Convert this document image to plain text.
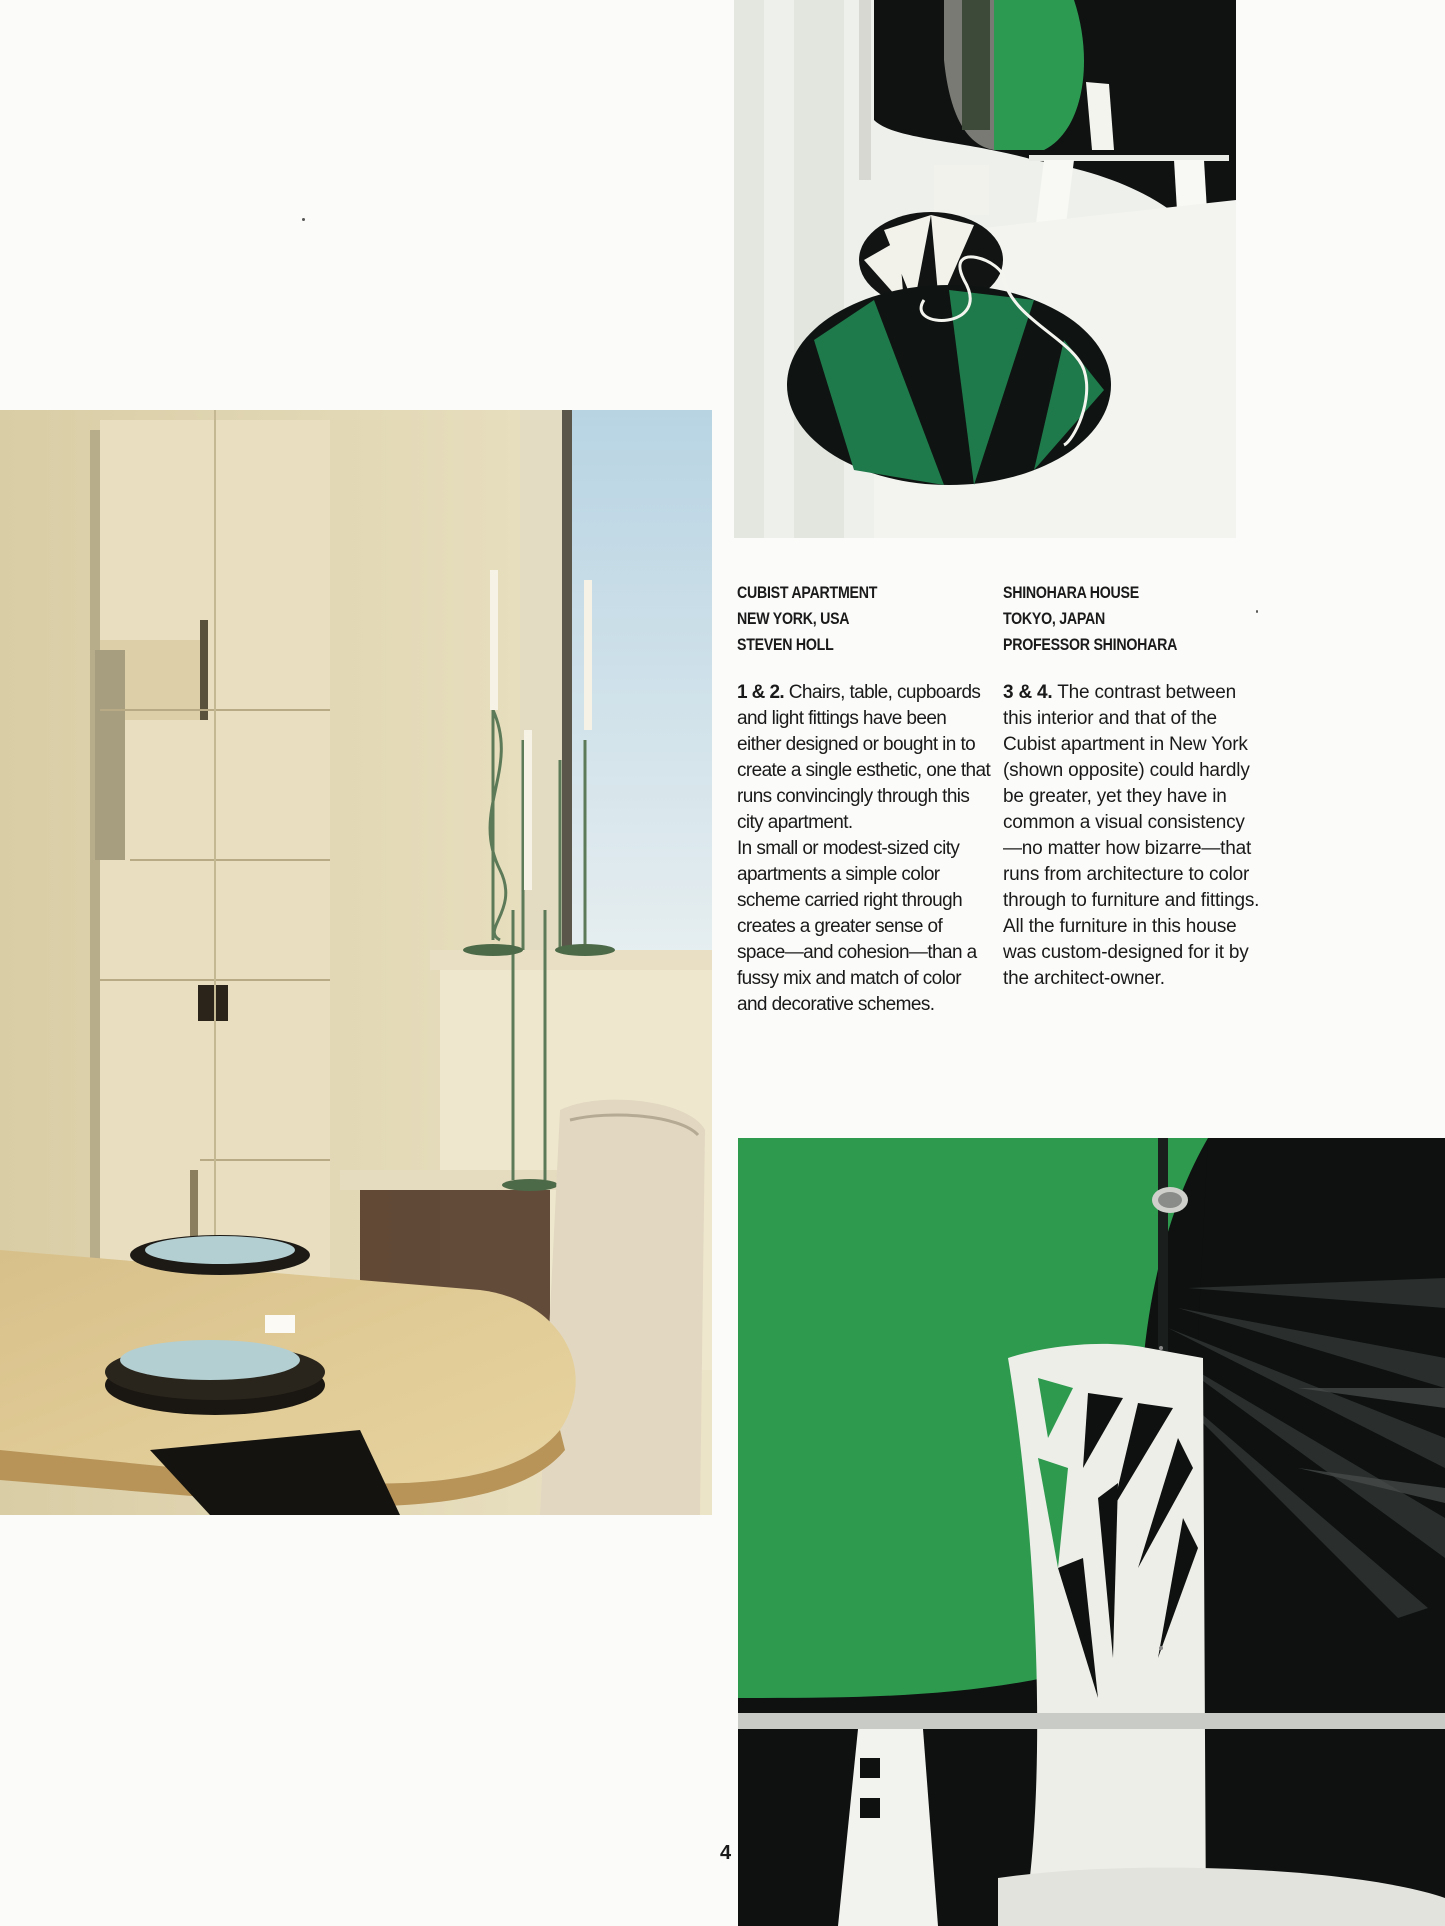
CUBIST APARTMENT
NEW YORK, USA
STEVEN HOLL
1 & 2. Chairs, table, cupboards and light fittings have been either designed or bought in to create a single esthetic, one that runs convincingly through this city apartment.
In small or modest-sized city apartments a simple color scheme carried right through creates a greater sense of space—and cohesion—than a fussy mix and match of color and decorative schemes.
SHINOHARA HOUSE
TOKYO, JAPAN
PROFESSOR SHINOHARA
3 & 4. The contrast between this interior and that of the Cubist apartment in New York (shown opposite) could hardly be greater, yet they have in common a visual consistency—no matter how bizarre—that runs from architecture to color through to furniture and fittings. All the furniture in this house was custom-designed for it by the architect-owner.
4
